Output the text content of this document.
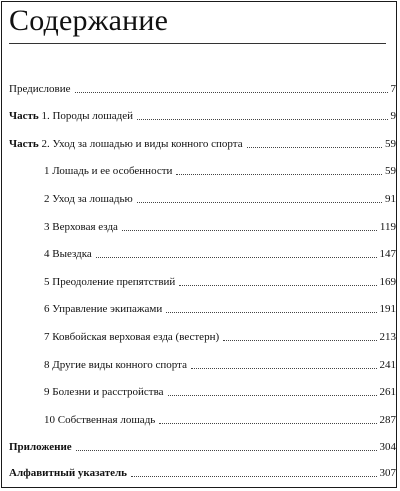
Содержание
Предисловие	7
Часть 1. Породы лошадей	9
Часть 2. Уход за лошадью и виды конного спорта	59
1 Лошадь и ее особенности	59
2 Уход за лошадью	91
3 Верховая езда	119
4 Выездка	147
5 Преодоление препятствий	169
6 Управление экипажами	191
7 Ковбойская верховая езда (вестерн)	213
8 Другие виды конного спорта	241
9 Болезни и расстройства	261
10 Собственная лошадь	287
Приложение	304
Алфавитный указатель	307
